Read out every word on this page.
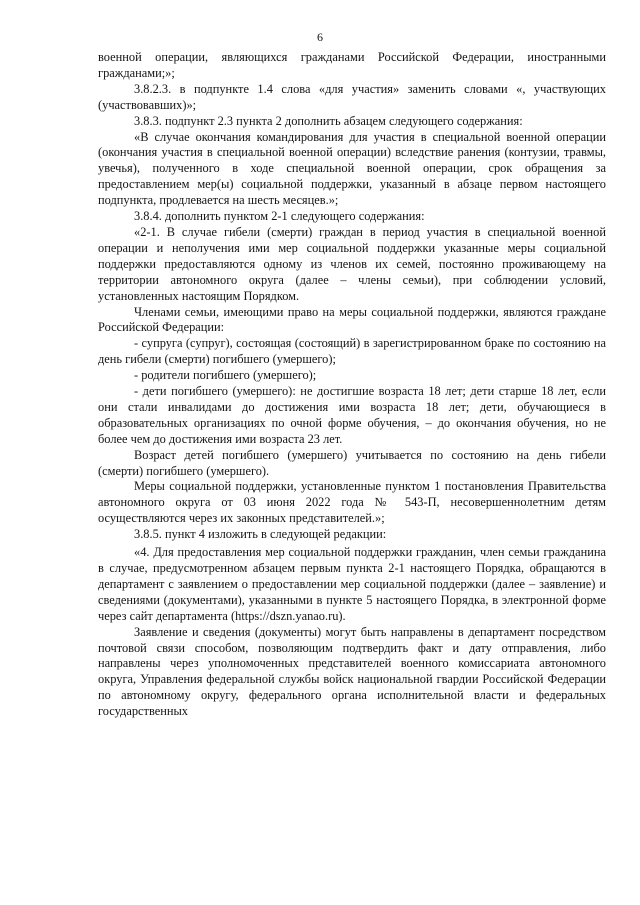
6

военной операции, являющихся гражданами Российской Федерации, иностранными гражданами;»;

3.8.2.3. в подпункте 1.4 слова «для участия» заменить словами «, участвующих (участвовавших)»;

3.8.3. подпункт 2.3 пункта 2 дополнить абзацем следующего содержания:

«В случае окончания командирования для участия в специальной военной операции (окончания участия в специальной военной операции) вследствие ранения (контузии, травмы, увечья), полученного в ходе специальной военной операции, срок обращения за предоставлением мер(ы) социальной поддержки, указанный в абзаце первом настоящего подпункта, продлевается на шесть месяцев.»;

3.8.4. дополнить пунктом 2-1 следующего содержания:

«2-1. В случае гибели (смерти) граждан в период участия в специальной военной операции и неполучения ими мер социальной поддержки указанные меры социальной поддержки предоставляются одному из членов их семей, постоянно проживающему на территории автономного округа (далее – члены семьи), при соблюдении условий, установленных настоящим Порядком.

Членами семьи, имеющими право на меры социальной поддержки, являются граждане Российской Федерации:

- супруга (супруг), состоящая (состоящий) в зарегистрированном браке по состоянию на день гибели (смерти) погибшего (умершего);

- родители погибшего (умершего);

- дети погибшего (умершего): не достигшие возраста 18 лет; дети старше 18 лет, если они стали инвалидами до достижения ими возраста 18 лет; дети, обучающиеся в образовательных организациях по очной форме обучения, – до окончания обучения, но не более чем до достижения ими возраста 23 лет.

Возраст детей погибшего (умершего) учитывается по состоянию на день гибели (смерти) погибшего (умершего).

Меры социальной поддержки, установленные пунктом 1 постановления Правительства автономного округа от 03 июня 2022 года № 543-П, несовершеннолетним детям осуществляются через их законных представителей.»;

3.8.5. пункт 4 изложить в следующей редакции:

«4. Для предоставления мер социальной поддержки гражданин, член семьи гражданина в случае, предусмотренном абзацем первым пункта 2-1 настоящего Порядка, обращаются в департамент с заявлением о предоставлении мер социальной поддержки (далее – заявление) и сведениями (документами), указанными в пункте 5 настоящего Порядка, в электронной форме через сайт департамента (https://dszn.yanao.ru).

Заявление и сведения (документы) могут быть направлены в департамент посредством почтовой связи способом, позволяющим подтвердить факт и дату отправления, либо направлены через уполномоченных представителей военного комиссариата автономного округа, Управления федеральной службы войск национальной гвардии Российской Федерации по автономному округу, федерального органа исполнительной власти и федеральных государственных
